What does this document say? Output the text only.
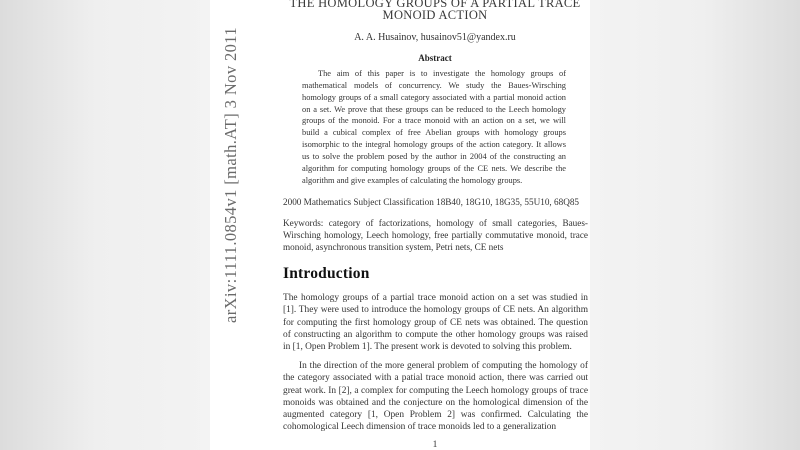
arXiv:1111.0854v1 [math.AT] 3 Nov 2011
THE HOMOLOGY GROUPS OF A PARTIAL TRACE
MONOID ACTION
A. A. Husainov, husainov51@yandex.ru
Abstract
The aim of this paper is to investigate the homology groups of mathematical models of concurrency. We study the Baues-Wirsching homology groups of a small category associated with a partial monoid action on a set. We prove that these groups can be reduced to the Leech homology groups of the monoid. For a trace monoid with an action on a set, we will build a cubical complex of free Abelian groups with homology groups isomorphic to the integral homology groups of the action category. It allows us to solve the problem posed by the author in 2004 of the constructing an algorithm for computing homology groups of the CE nets. We describe the algorithm and give examples of calculating the homology groups.
2000 Mathematics Subject Classification 18B40, 18G10, 18G35, 55U10, 68Q85
Keywords: category of factorizations, homology of small categories, Baues-Wirsching homology, Leech homology, free partially commutative monoid, trace monoid, asynchronous transition system, Petri nets, CE nets
Introduction
The homology groups of a partial trace monoid action on a set was studied in [1]. They were used to introduce the homology groups of CE nets. An algorithm for computing the first homology group of CE nets was obtained. The question of constructing an algorithm to compute the other homology groups was raised in [1, Open Problem 1]. The present work is devoted to solving this problem.
In the direction of the more general problem of computing the homology of the category associated with a patial trace monoid action, there was carried out great work. In [2], a complex for computing the Leech homology groups of trace monoids was obtained and the conjecture on the homological dimension of the augmented category [1, Open Problem 2] was confirmed. Calculating the cohomological Leech dimension of trace monoids led to a generalization
1
